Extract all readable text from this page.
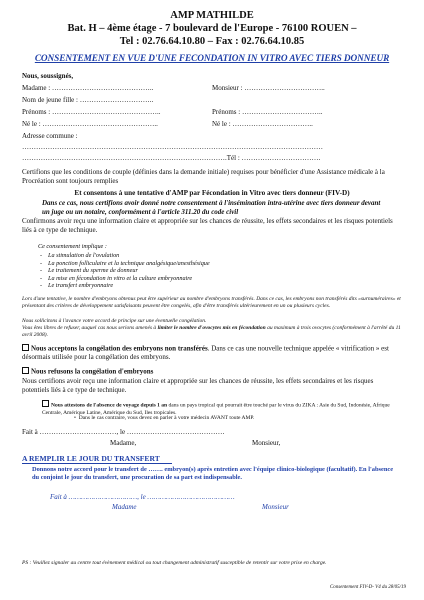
AMP MATHILDE
Bat. H – 4ème étage - 7 boulevard de l'Europe - 76100 ROUEN –
Tel : 02.76.64.10.80 – Fax : 02.76.64.10.85
CONSENTEMENT EN VUE D'UNE FECONDATION IN VITRO AVEC TIERS DONNEUR
Nous, soussignés,
Madame : ……………………………………..	Monsieur : ……………………………..
Nom de jeune fille : …………………………..
Prénoms : ………………………………………..	Prénoms : ……………………………..
Né le : …………………………………………..	Né le : ……………………………..
Adresse commune :
…………………………………………………………………………………………………………………
…………………………………………………………………………….Tél : …………………………….
Certifions que les conditions de couple (définies dans la demande initiale) requises pour bénéficier d'une Assistance médicale à la Procréation sont toujours remplies
Et consentons à une tentative d'AMP par Fécondation in Vitro avec tiers donneur (FIV-D)
Dans ce cas, nous certifions avoir donné notre consentement à l'insémination intra-utérine avec tiers donneur devant un juge ou un notaire, conformément à l'article 311.20 du code civil
Confirmons avoir reçu une information claire et appropriée sur les chances de réussite, les effets secondaires et les risques potentiels liés à ce type de technique.
Ce consentement implique :
- La stimulation de l'ovulation
- La ponction folliculaire et la technique analgésique/anesthésique
- Le traitement du sperme de donneur
- La mise en fécondation in vitro et la culture embryonnaire
- Le transfert embryonnaire
Lors d'une tentative, le nombre d'embryons obtenus peut être supérieur au nombre d'embryons transférés. Dans ce cas, les embryons non transférés dits «surnuméraires» et présentant des critères de développement satisfaisants peuvent être congelés, afin d'être transférés ultérieurement en un ou plusieurs cycles.
Nous sollicitons à l'avance votre accord de principe sur une éventuelle congélation.
Vous êtes libres de refuser, auquel cas nous serions amenés à limiter le nombre d'ovocytes mis en fécondation au maximum à trois ovocytes (conformément à l'arrêté du 11 avril 2008).
Nous acceptons la congélation des embryons non transférés. Dans ce cas une nouvelle technique appelée « vitrification » est désormais utilisée pour la congélation des embryons.
Nous refusons la congélation d'embryons
Nous certifions avoir reçu une information claire et appropriée sur les chances de réussite, les effets secondaires et les risques potentiels liés à ce type de technique.
Nous attestons de l'absence de voyage depuis 1 an dans un pays tropical qui pourrait être touché par le virus du ZIKA : Asie du Sud, Indonésie, Afrique Centrale, Amérique Latine, Amérique du Sud, Iles tropicales.
•  Dans le cas contraire, vous devez en parler à votre médecin AVANT toute AMP.
Fait à ……………………………, le ……………………………………
Madame,	Monsieur,
A REMPLIR LE JOUR DU TRANSFERT
Donnons notre accord pour le transfert de ……. embryon(s) après entretien avec l'équipe clinico-biologique (facultatif). En l'absence du conjoint le jour du transfert, une procuration de sa part est indispensable.
Fait à ……………………………, le ……………………………………
Madame	Monsieur
PS : Veuillez signaler au centre tout évènement médical ou tout changement administratif susceptible de retentir sur votre prise en charge.
Consentement FIV-D- V4 du 28/05/19
